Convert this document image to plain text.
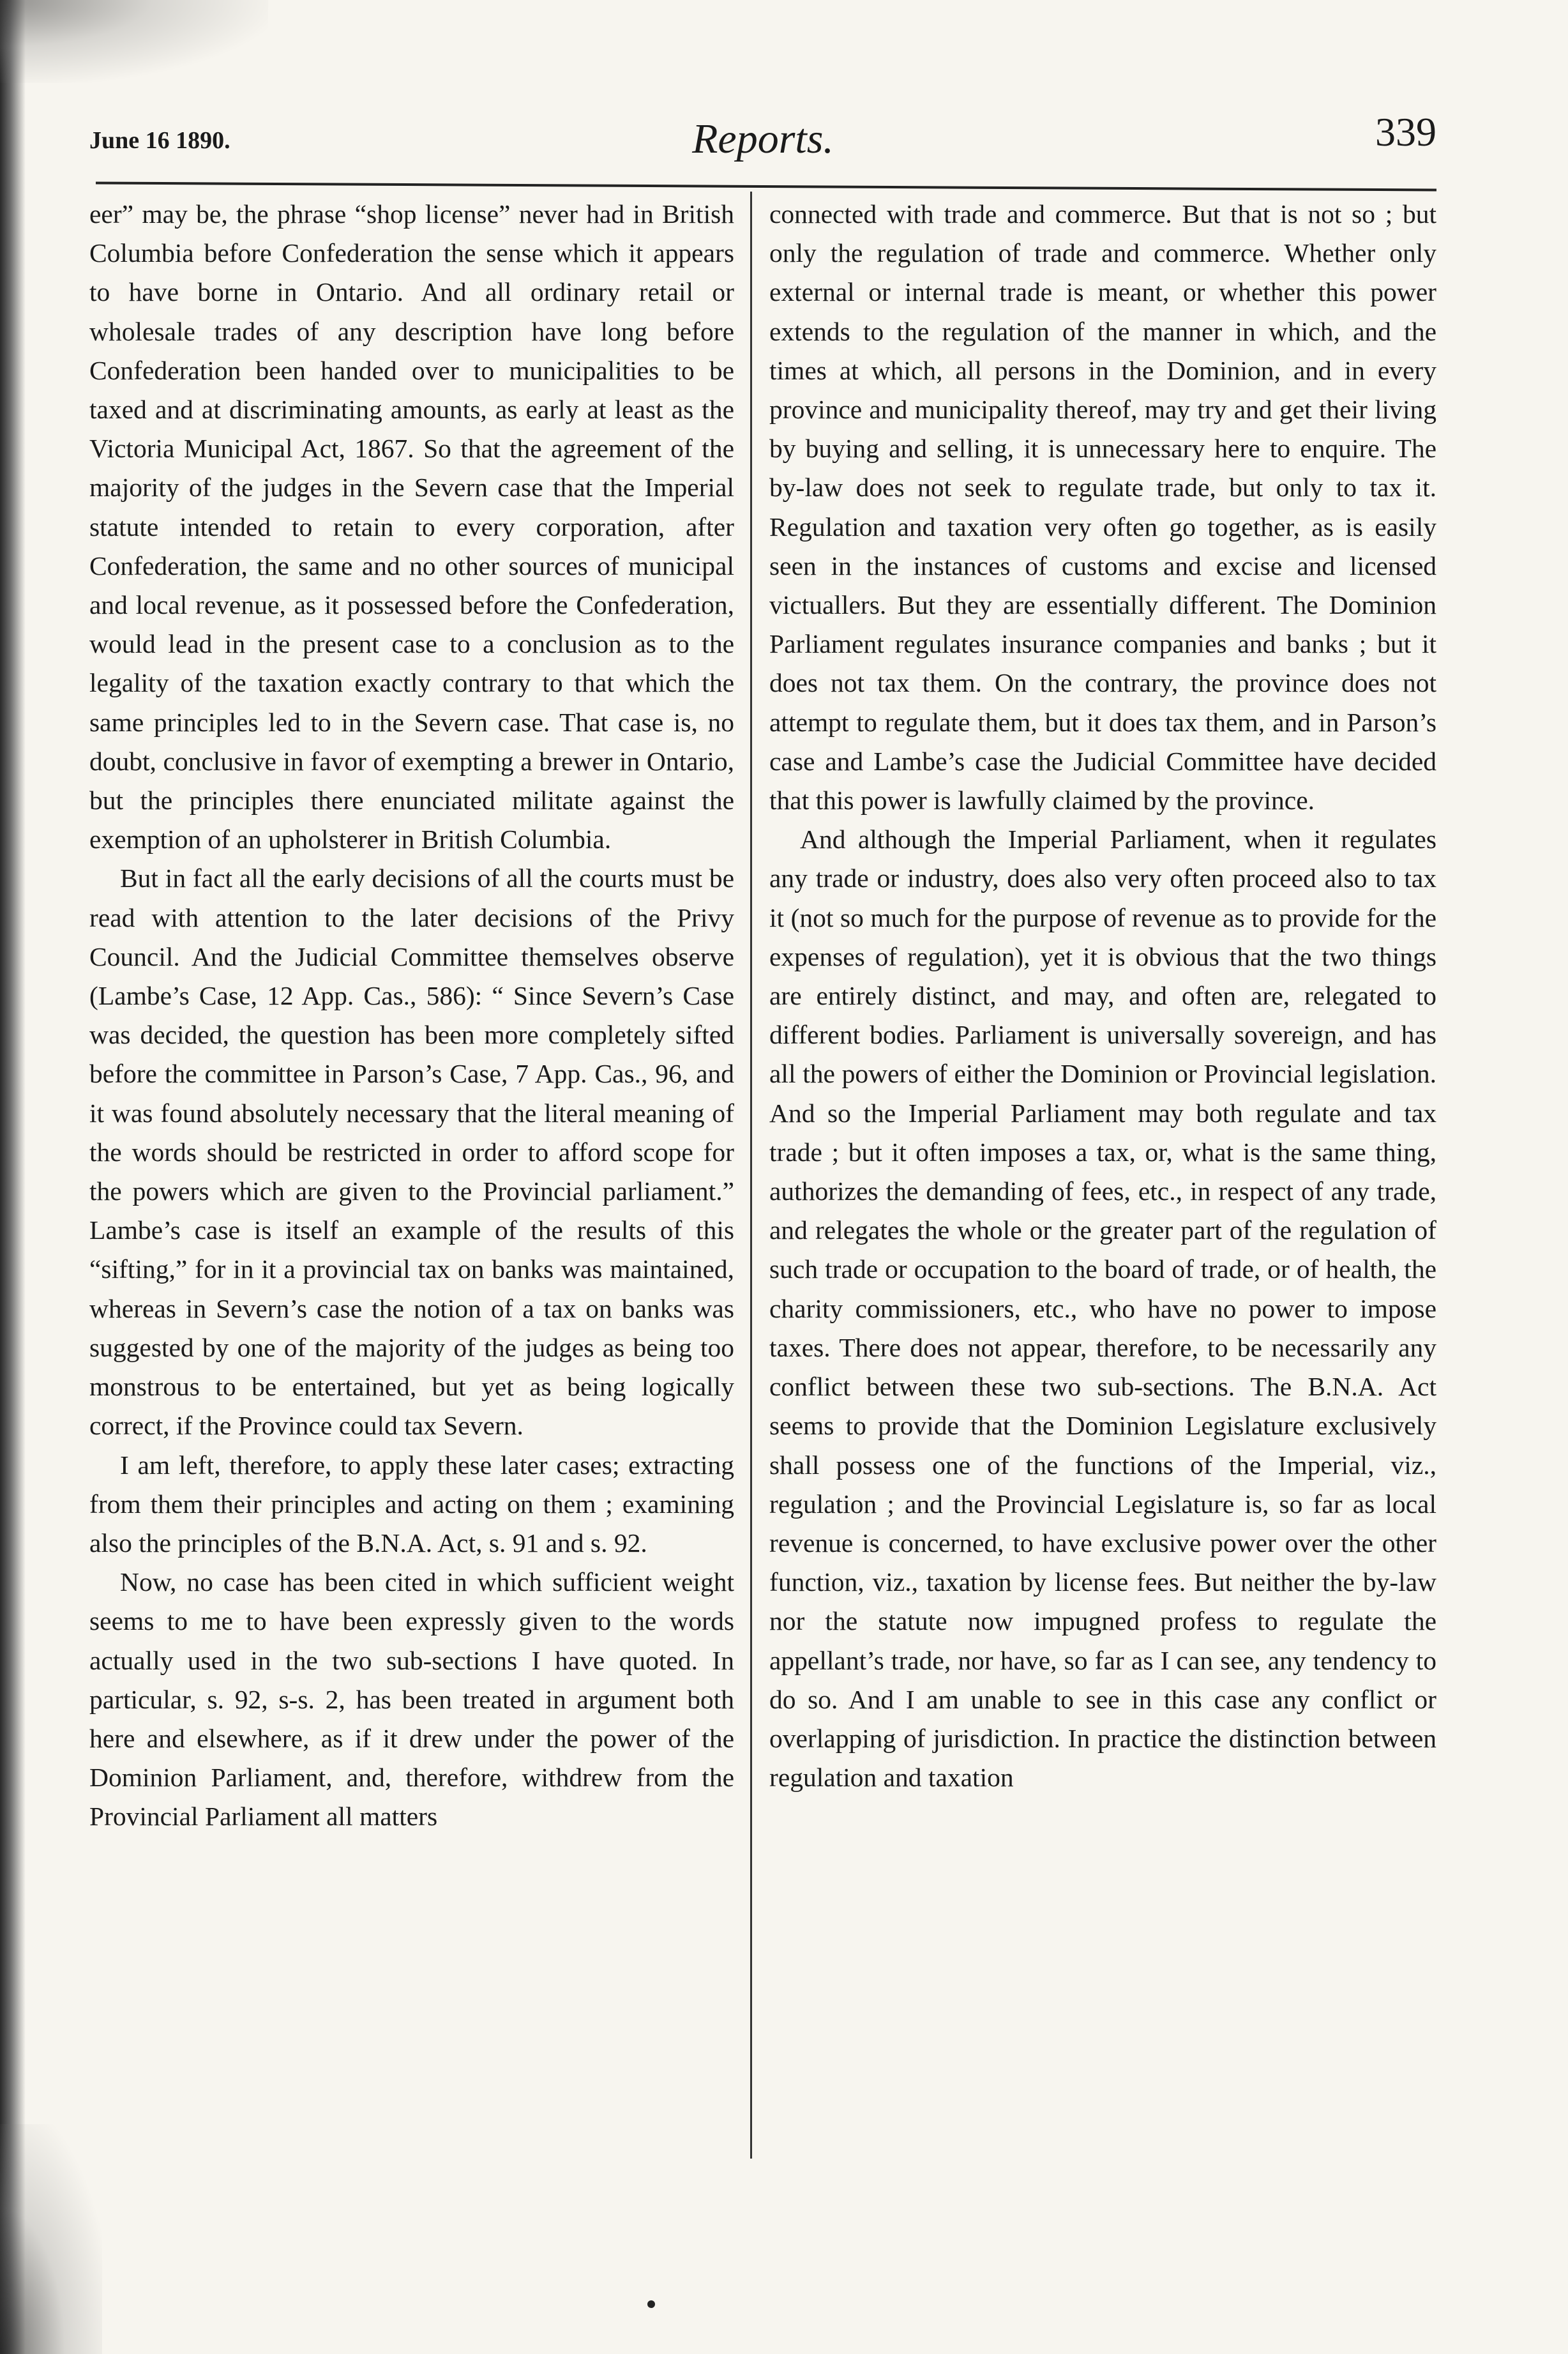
June 16 1890.	Reports.	339

eer” may be, the phrase “shop license” never had in British Columbia before Confederation the sense which it appears to have borne in Ontario. And all ordinary retail or wholesale trades of any description have long before Confederation been handed over to municipalities to be taxed and at discriminating amounts, as early at least as the Victoria Municipal Act, 1867. So that the agreement of the majority of the judges in the Severn case that the Imperial statute intended to retain to every corporation, after Confederation, the same and no other sources of municipal and local revenue, as it possessed before the Confederation, would lead in the present case to a conclusion as to the legality of the taxation exactly contrary to that which the same principles led to in the Severn case. That case is, no doubt, conclusive in favor of exempting a brewer in Ontario, but the principles there enunciated militate against the exemption of an upholsterer in British Columbia.

But in fact all the early decisions of all the courts must be read with attention to the later decisions of the Privy Council. And the Judicial Committee themselves observe (Lambe’s Case, 12 App. Cas., 586): “ Since Severn’s Case was decided, the question has been more completely sifted before the committee in Parson’s Case, 7 App. Cas., 96, and it was found absolutely necessary that the literal meaning of the words should be restricted in order to afford scope for the powers which are given to the Provincial parliament.” Lambe’s case is itself an example of the results of this “sifting,” for in it a provincial tax on banks was maintained, whereas in Severn’s case the notion of a tax on banks was suggested by one of the majority of the judges as being too monstrous to be entertained, but yet as being logically correct, if the Province could tax Severn.

I am left, therefore, to apply these later cases; extracting from them their principles and acting on them ; examining also the principles of the B.N.A. Act, s. 91 and s. 92.

Now, no case has been cited in which sufficient weight seems to me to have been expressly given to the words actually used in the two sub-sections I have quoted. In particular, s. 92, s-s. 2, has been treated in argument both here and elsewhere, as if it drew under the power of the Dominion Parliament, and, therefore, withdrew from the Provincial Parliament all matters

connected with trade and commerce. But that is not so ; but only the regulation of trade and commerce. Whether only external or internal trade is meant, or whether this power extends to the regulation of the manner in which, and the times at which, all persons in the Dominion, and in every province and municipality thereof, may try and get their living by buying and selling, it is unnecessary here to enquire. The by-law does not seek to regulate trade, but only to tax it. Regulation and taxation very often go together, as is easily seen in the instances of customs and excise and licensed victuallers. But they are essentially different. The Dominion Parliament regulates insurance companies and banks ; but it does not tax them. On the contrary, the province does not attempt to regulate them, but it does tax them, and in Parson’s case and Lambe’s case the Judicial Committee have decided that this power is lawfully claimed by the province.

And although the Imperial Parliament, when it regulates any trade or industry, does also very often proceed also to tax it (not so much for the purpose of revenue as to provide for the expenses of regulation), yet it is obvious that the two things are entirely distinct, and may, and often are, relegated to different bodies. Parliament is universally sovereign, and has all the powers of either the Dominion or Provincial legislation. And so the Imperial Parliament may both regulate and tax trade ; but it often imposes a tax, or, what is the same thing, authorizes the demanding of fees, etc., in respect of any trade, and relegates the whole or the greater part of the regulation of such trade or occupation to the board of trade, or of health, the charity commissioners, etc., who have no power to impose taxes. There does not appear, therefore, to be necessarily any conflict between these two sub-sections. The B.N.A. Act seems to provide that the Dominion Legislature exclusively shall possess one of the functions of the Imperial, viz., regulation ; and the Provincial Legislature is, so far as local revenue is concerned, to have exclusive power over the other function, viz., taxation by license fees. But neither the by-law nor the statute now impugned profess to regulate the appellant’s trade, nor have, so far as I can see, any tendency to do so. And I am unable to see in this case any conflict or overlapping of jurisdiction. In practice the distinction between regulation and taxation
